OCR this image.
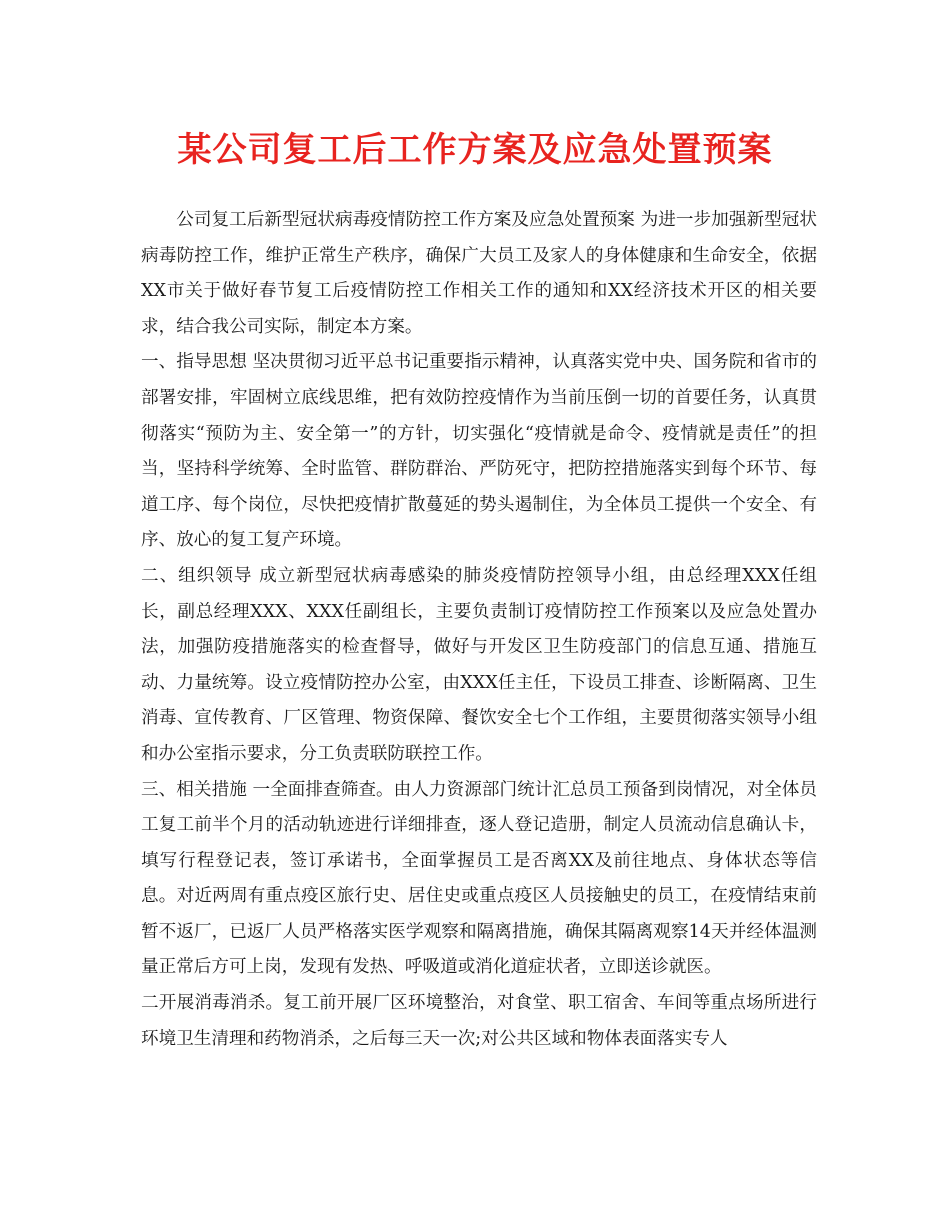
某公司复工后工作方案及应急处置预案

公司复工后新型冠状病毒疫情防控工作方案及应急处置预案 为进一步加强新型冠状病毒防控工作，维护正常生产秩序，确保广大员工及家人的身体健康和生命安全，依据XX市关于做好春节复工后疫情防控工作相关工作的通知和XX经济技术开区的相关要求，结合我公司实际，制定本方案。

一、指导思想 坚决贯彻习近平总书记重要指示精神，认真落实党中央、国务院和省市的部署安排，牢固树立底线思维，把有效防控疫情作为当前压倒一切的首要任务，认真贯彻落实“预防为主、安全第一”的方针，切实强化“疫情就是命令、疫情就是责任”的担当，坚持科学统筹、全时监管、群防群治、严防死守，把防控措施落实到每个环节、每道工序、每个岗位，尽快把疫情扩散蔓延的势头遏制住，为全体员工提供一个安全、有序、放心的复工复产环境。

二、组织领导 成立新型冠状病毒感染的肺炎疫情防控领导小组，由总经理XXX任组长，副总经理XXX、XXX任副组长，主要负责制订疫情防控工作预案以及应急处置办法，加强防疫措施落实的检查督导，做好与开发区卫生防疫部门的信息互通、措施互动、力量统筹。设立疫情防控办公室，由XXX任主任，下设员工排查、诊断隔离、卫生消毒、宣传教育、厂区管理、物资保障、餐饮安全七个工作组，主要贯彻落实领导小组和办公室指示要求，分工负责联防联控工作。

三、相关措施 一全面排查筛查。由人力资源部门统计汇总员工预备到岗情况，对全体员工复工前半个月的活动轨迹进行详细排查，逐人登记造册，制定人员流动信息确认卡，填写行程登记表，签订承诺书，全面掌握员工是否离XX及前往地点、身体状态等信息。对近两周有重点疫区旅行史、居住史或重点疫区人员接触史的员工，在疫情结束前暂不返厂，已返厂人员严格落实医学观察和隔离措施，确保其隔离观察14天并经体温测量正常后方可上岗，发现有发热、呼吸道或消化道症状者，立即送诊就医。

二开展消毒消杀。复工前开展厂区环境整治，对食堂、职工宿舍、车间等重点场所进行环境卫生清理和药物消杀，之后每三天一次;对公共区域和物体表面落实专人
